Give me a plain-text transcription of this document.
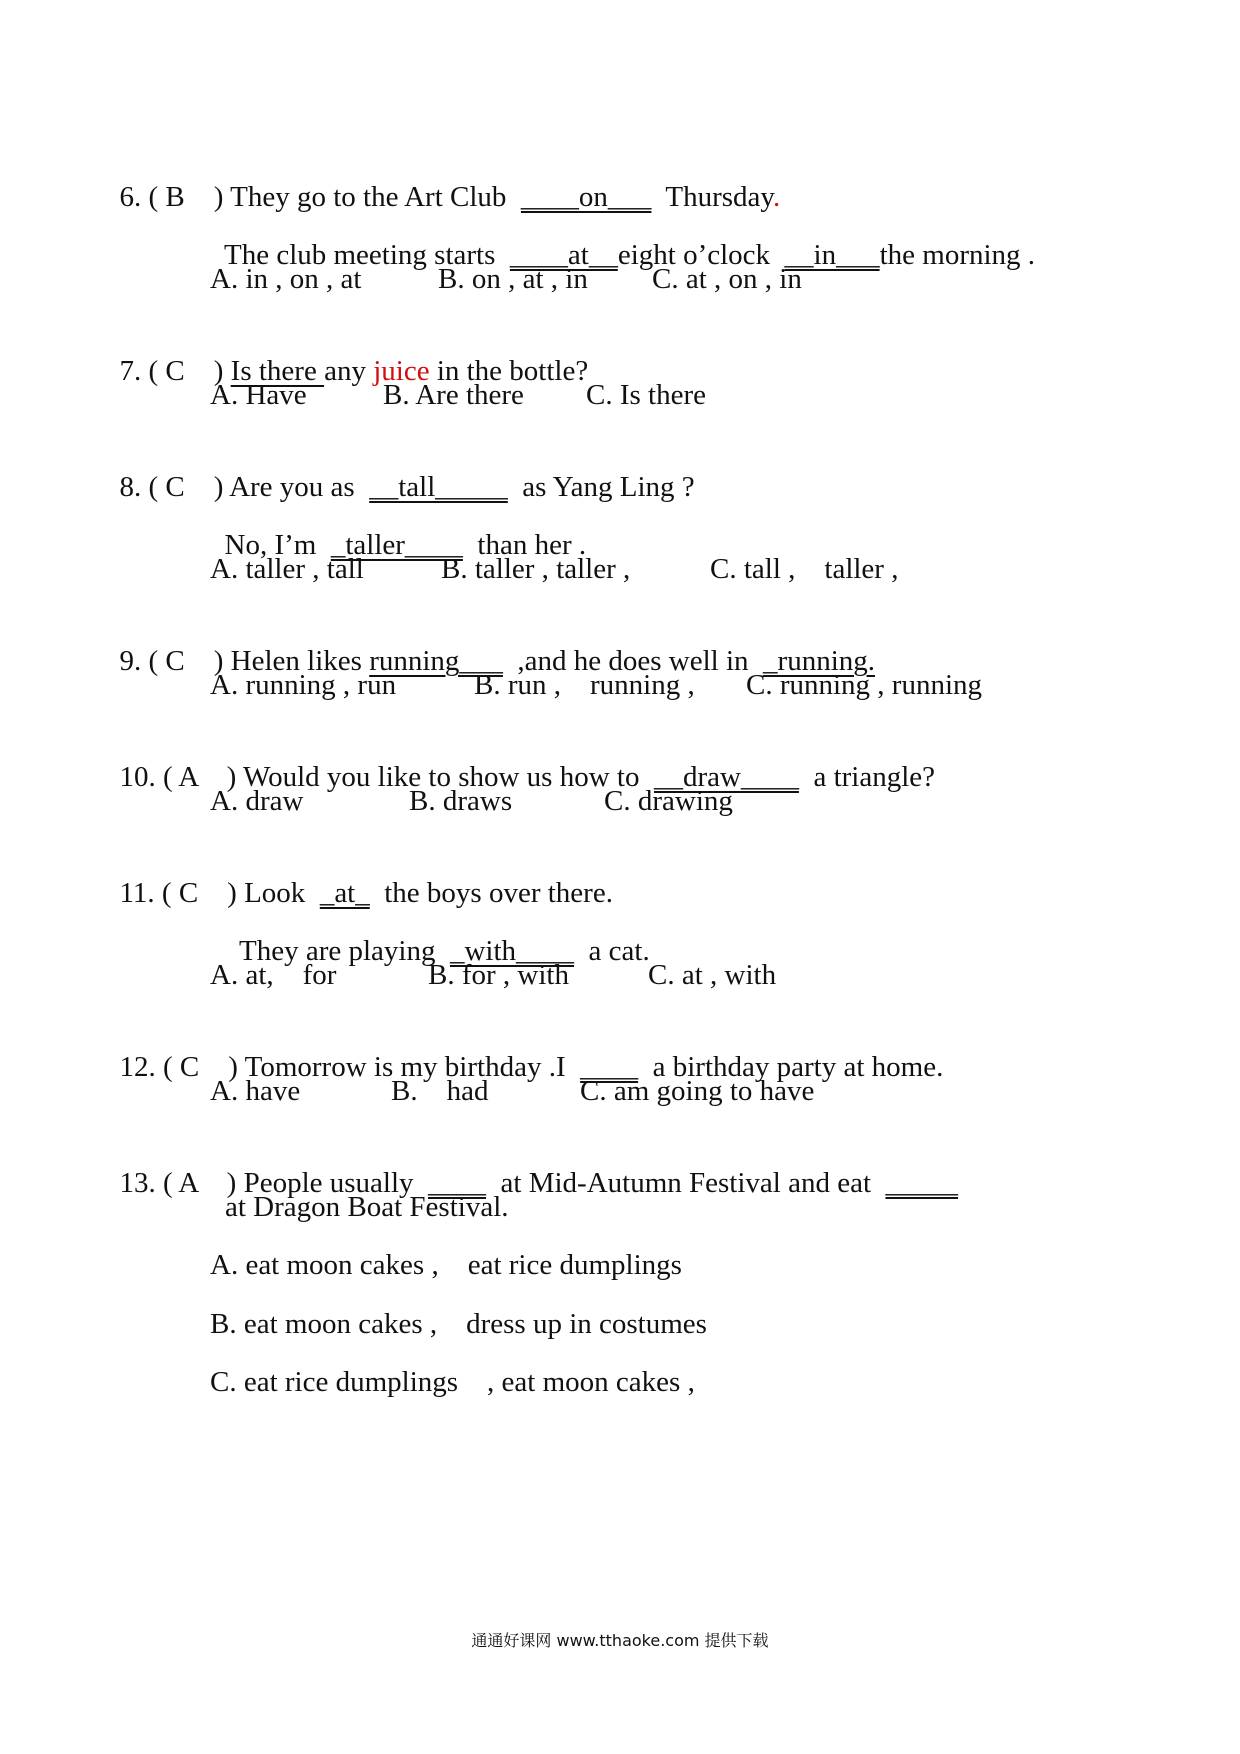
6. ( B    ) They go to the Art Club  ____on___  Thursday.

The club meeting starts  ____at__eight o’clock  __in___the morning .

A. in , on , at	B. on , at , in C. at , on , in

7. ( C    ) Is there any juice in the bottle?

A. Have	B. Are there C. Is there

8. ( C    ) Are you as  __tall_____  as Yang Ling ?

No, I’m  _taller____  than her .

A. taller , tall	B. taller , taller ,	C. tall ,    taller ,

9. ( C    ) Helen likes running___  ,and he does well in  _running.

A. running , run	B. run ,    running , C. running , running

10. ( A    ) Would you like to show us how to  __draw____  a triangle?

A. draw	B. draws	C. drawing

11. ( C    ) Look  _at_  the boys over there.

They are playing  _with____  a cat.

A. at,    for	B. for , with	C. at , with

12. ( C    ) Tomorrow is my birthday .I  ____  a birthday party at home.

A. have	B.    had	C. am going to have

13. ( A    ) People usually  ____  at Mid-Autumn Festival and eat  _____

at Dragon Boat Festival.
A. eat moon cakes ,    eat rice dumplings
B. eat moon cakes ,    dress up in costumes
C. eat rice dumplings    , eat moon cakes ,
通通好课网 www.tthaoke.com 提供下载
